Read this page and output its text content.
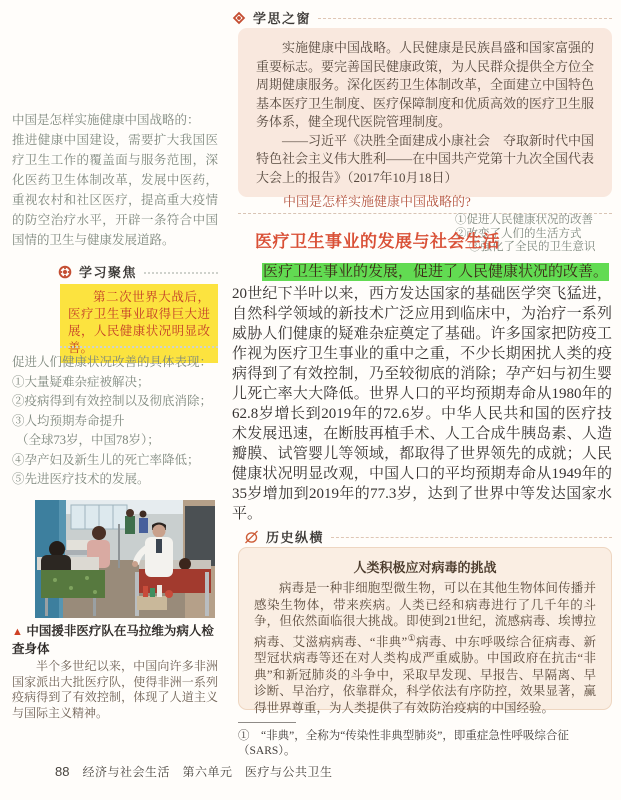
学思之窗

实施健康中国战略。人民健康是民族昌盛和国家富强的重要标志。要完善国民健康政策，为人民群众提供全方位全周期健康服务。深化医药卫生体制改革，全面建立中国特色基本医疗卫生制度、医疗保障制度和优质高效的医疗卫生服务体系，健全现代医院管理制度。

——习近平《决胜全面建成小康社会　夺取新时代中国特色社会主义伟大胜利——在中国共产党第十九次全国代表大会上的报告》（2017年10月18日）

中国是怎样实施健康中国战略的?
①促进人民健康状况的改善
②改变了人们的生活方式
③强化了全民的卫生意识
医疗卫生事业的发展与社会生活

医疗卫生事业的发展，促进了人民健康状况的改善。

20世纪下半叶以来，西方发达国家的基础医学突飞猛进，自然科学领域的新技术广泛应用到临床中，为治疗一系列威胁人们健康的疑难杂症奠定了基础。许多国家把防疫工作视为医疗卫生事业的重中之重，不少长期困扰人类的疫病得到了有效控制，乃至较彻底的消除；孕产妇与初生婴儿死亡率大大降低。世界人口的平均预期寿命从1980年的62.8岁增长到2019年的72.6岁。中华人民共和国的医疗技术发展迅速，在断肢再植手术、人工合成牛胰岛素、人造瓣膜、试管婴儿等领域，都取得了世界领先的成就；人民健康状况明显改观，中国人口的平均预期寿命从1949年的35岁增加到2019年的77.3岁，达到了世界中等发达国家水平。

历史纵横
人类积极应对病毒的挑战

病毒是一种非细胞型微生物，可以在其他生物体间传播并感染生物体，带来疾病。人类已经和病毒进行了几千年的斗争，但依然面临很大挑战。即使到21世纪，流感病毒、埃博拉病毒、艾滋病病毒、“非典”①病毒、中东呼吸综合征病毒、新型冠状病毒等还在对人类构成严重威胁。中国政府在抗击“非典”和新冠肺炎的斗争中，采取早发现、早报告、早隔离、早诊断、早治疗，依靠群众，科学依法有序防控，效果显著，赢得世界尊重，为人类提供了有效防治疫病的中国经验。

①　“非典”，全称为“传染性非典型肺炎”，即重症急性呼吸综合征（SARS）。
88 经济与社会生活　第六单元　医疗与公共卫生

中国是怎样实施健康中国战略的：

推进健康中国建设，需要扩大我国医疗卫生工作的覆盖面与服务范围，深化医药卫生体制改革，发展中医药，重视农村和社区医疗，提高重大疫情的防空治疗水平，开辟一条符合中国国情的卫生与健康发展道路。

学习聚焦

第二次世界大战后，医疗卫生事业取得巨大进展，人民健康状况明显改善。

促进人们健康状况改善的具体表现：
①大量疑难杂症被解决；
②疫病得到有效控制以及彻底消除；
③人均预期寿命提升
（全球73岁，中国78岁）；
④孕产妇及新生儿的死亡率降低；
⑤先进医疗技术的发展。
▲ 中国援非医疗队在马拉维为病人检查身体

半个多世纪以来，中国向许多非洲国家派出大批医疗队，使得非洲一系列疫病得到了有效控制，体现了人道主义与国际主义精神。
